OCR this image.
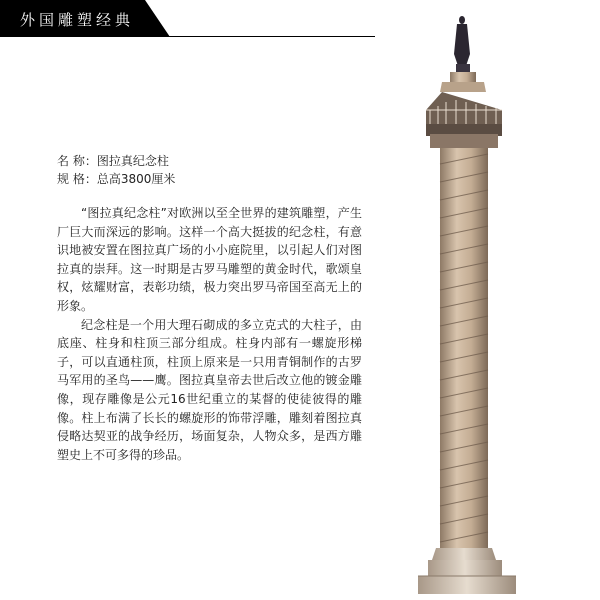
外国雕塑经典
名 称：图拉真纪念柱
规 格：总高3800厘米

“图拉真纪念柱”对欧洲以至全世界的建筑雕塑，产生厂巨大而深远的影响。这样一个高大挺拔的纪念柱，有意识地被安置在图拉真广场的小小庭院里，以引起人们对图拉真的崇拜。这一时期是古罗马雕塑的黄金时代，歌颂皇权，炫耀财富，表彰功绩，极力突出罗马帝国至高无上的形象。

纪念柱是一个用大理石砌成的多立克式的大柱子，由底座、柱身和柱顶三部分组成。柱身内部有一螺旋形梯子，可以直通柱顶，柱顶上原来是一只用青铜制作的古罗马军用的圣鸟——鹰。图拉真皇帝去世后改立他的镀金雕像，现存雕像是公元16世纪重立的某督的使徒彼得的雕像。柱上布满了长长的螺旋形的饰带浮雕，雕刻着图拉真侵略达契亚的战争经历，场面复杂，人物众多，是西方雕塑史上不可多得的珍品。
